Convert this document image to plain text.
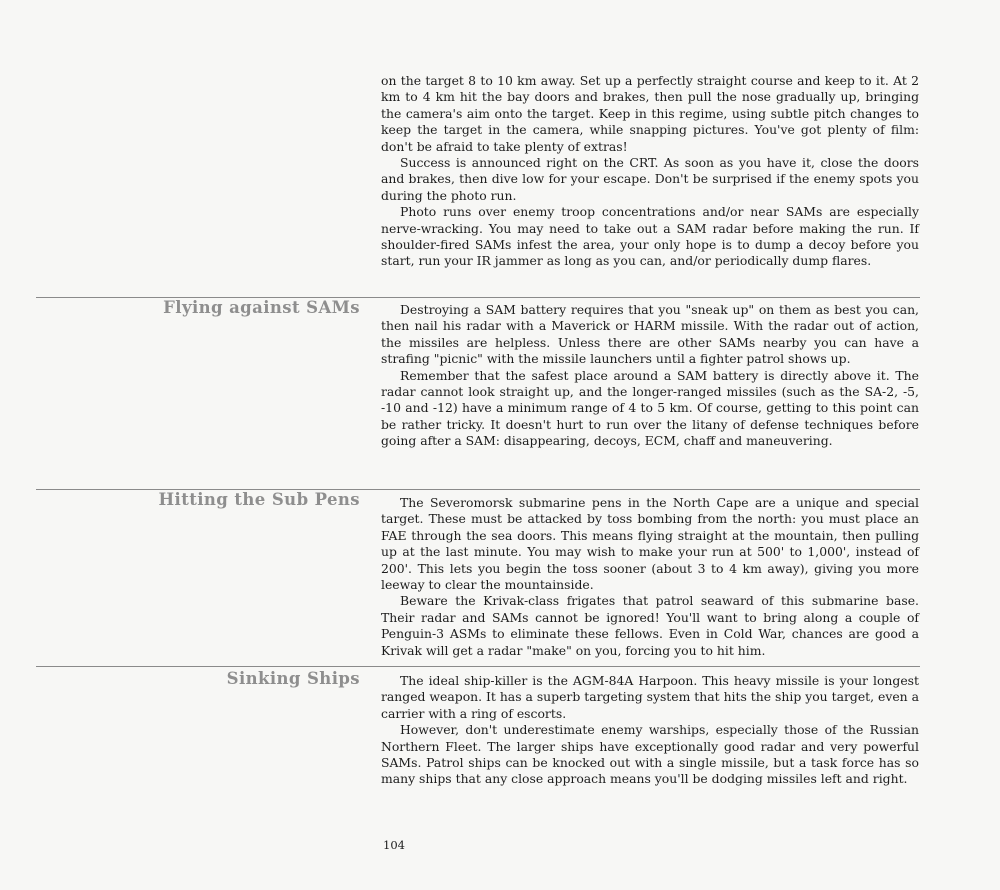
on the target 8 to 10 km away. Set up a perfectly straight course and keep to it. At 2 km to 4 km hit the bay doors and brakes, then pull the nose gradually up, bringing the camera's aim onto the target. Keep in this regime, using subtle pitch changes to keep the target in the camera, while snapping pictures. You've got plenty of film: don't be afraid to take plenty of extras!

Success is announced right on the CRT. As soon as you have it, close the doors and brakes, then dive low for your escape. Don't be surprised if the enemy spots you during the photo run.

Photo runs over enemy troop concentrations and/or near SAMs are especially nerve-wracking. You may need to take out a SAM radar before making the run. If shoulder-fired SAMs infest the area, your only hope is to dump a decoy before you start, run your IR jammer as long as you can, and/or periodically dump flares.

Flying against SAMs	Destroying a SAM battery requires that you "sneak up" on them as best you can, then nail his radar with a Maverick or HARM missile. With the radar out of action, the missiles are helpless. Unless there are other SAMs nearby you can have a strafing "picnic" with the missile launchers until a fighter patrol shows up.

Remember that the safest place around a SAM battery is directly above it. The radar cannot look straight up, and the longer-ranged missiles (such as the SA-2, -5, -10 and -12) have a minimum range of 4 to 5 km. Of course, getting to this point can be rather tricky. It doesn't hurt to run over the litany of defense techniques before going after a SAM: disappearing, decoys, ECM, chaff and maneuvering.

Hitting the Sub Pens	The Severomorsk submarine pens in the North Cape are a unique and special target. These must be attacked by toss bombing from the north: you must place an FAE through the sea doors. This means flying straight at the mountain, then pulling up at the last minute. You may wish to make your run at 500' to 1,000', instead of 200'. This lets you begin the toss sooner (about 3 to 4 km away), giving you more leeway to clear the mountainside.

Beware the Krivak-class frigates that patrol seaward of this submarine base. Their radar and SAMs cannot be ignored! You'll want to bring along a couple of Penguin-3 ASMs to eliminate these fellows. Even in Cold War, chances are good a Krivak will get a radar "make" on you, forcing you to hit him.

Sinking Ships	The ideal ship-killer is the AGM-84A Harpoon. This heavy missile is your longest ranged weapon. It has a superb targeting system that hits the ship you target, even a carrier with a ring of escorts.

However, don't underestimate enemy warships, especially those of the Russian Northern Fleet. The larger ships have exceptionally good radar and very powerful SAMs. Patrol ships can be knocked out with a single missile, but a task force has so many ships that any close approach means you'll be dodging missiles left and right.

104
